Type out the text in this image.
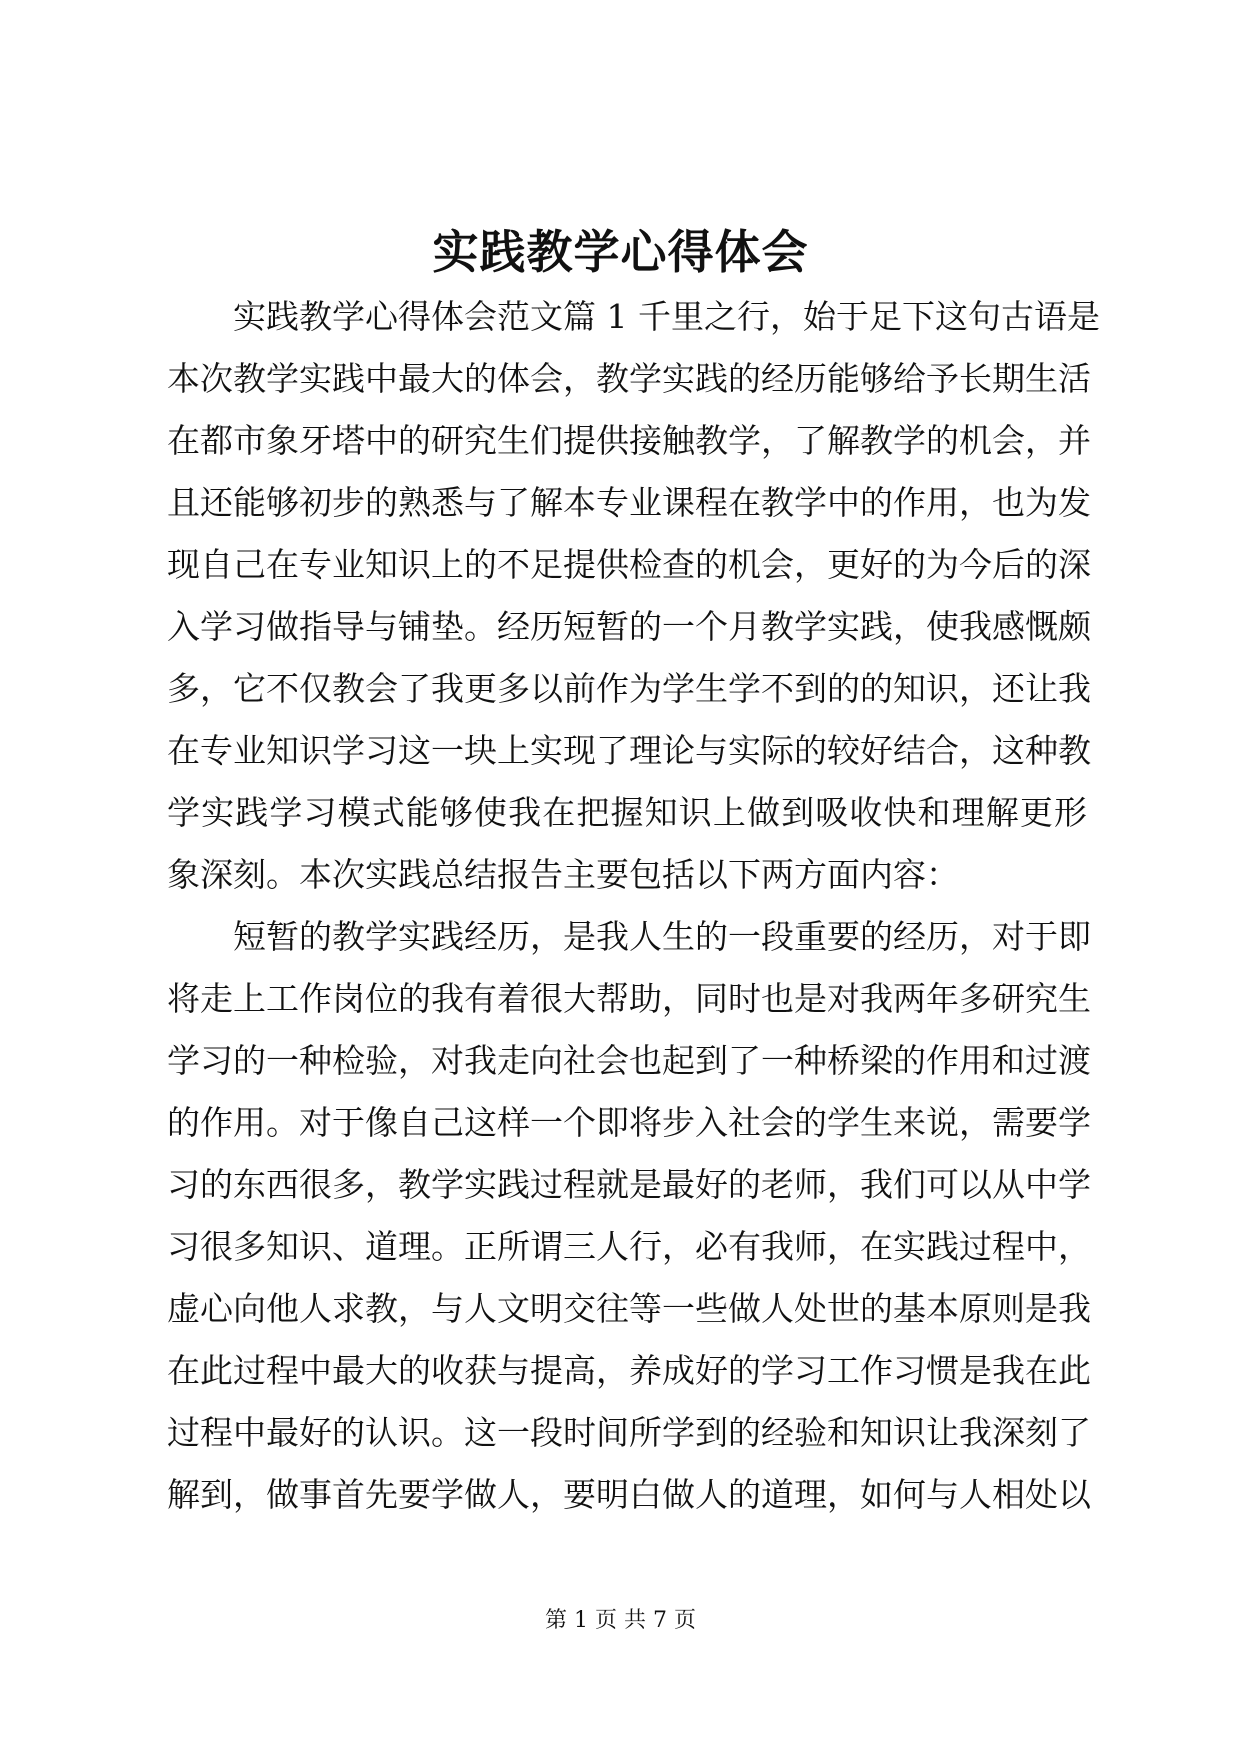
实践教学心得体会
实践教学心得体会范文篇 1 千里之行，始于足下这句古语是
本次教学实践中最大的体会，教学实践的经历能够给予长期生活
在都市象牙塔中的研究生们提供接触教学，了解教学的机会，并
且还能够初步的熟悉与了解本专业课程在教学中的作用，也为发
现自己在专业知识上的不足提供检查的机会，更好的为今后的深
入学习做指导与铺垫。经历短暂的一个月教学实践，使我感慨颇
多，它不仅教会了我更多以前作为学生学不到的的知识，还让我
在专业知识学习这一块上实现了理论与实际的较好结合，这种教
学实践学习模式能够使我在把握知识上做到吸收快和理解更形
象深刻。本次实践总结报告主要包括以下两方面内容：
短暂的教学实践经历，是我人生的一段重要的经历，对于即
将走上工作岗位的我有着很大帮助，同时也是对我两年多研究生
学习的一种检验，对我走向社会也起到了一种桥梁的作用和过渡
的作用。对于像自己这样一个即将步入社会的学生来说，需要学
习的东西很多，教学实践过程就是最好的老师，我们可以从中学
习很多知识、道理。正所谓三人行，必有我师，在实践过程中，
虚心向他人求教，与人文明交往等一些做人处世的基本原则是我
在此过程中最大的收获与提高，养成好的学习工作习惯是我在此
过程中最好的认识。这一段时间所学到的经验和知识让我深刻了
解到，做事首先要学做人，要明白做人的道理，如何与人相处以
第 1 页 共 7 页
